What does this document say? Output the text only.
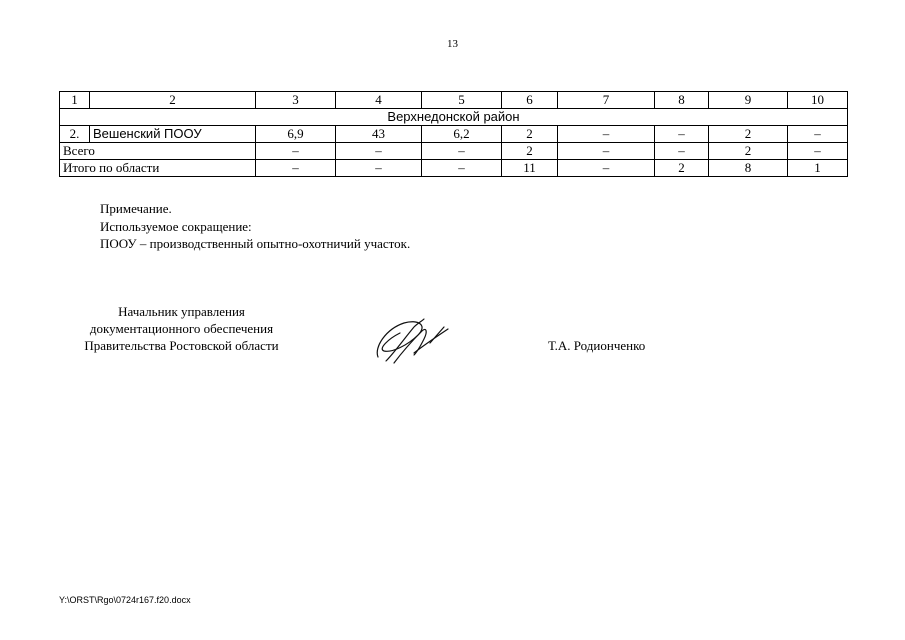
13
1	2	3	4	5	6	7	8	9	10
Верхнедонской район									
2.	Вешенский ПООУ	6,9	43	6,2	2	–	–	2	–
Всего		–	–	–	2	–	–	2	–
Итого по области		–	–	–	11	–	2	8	1
Примечание.
Используемое сокращение:
ПООУ – производственный опытно-охотничий участок.
Начальник управления
документационного обеспечения
Правительства Ростовской области	Т.А. Родионченко
Y:\ORST\Rgo\0724r167.f20.docx
